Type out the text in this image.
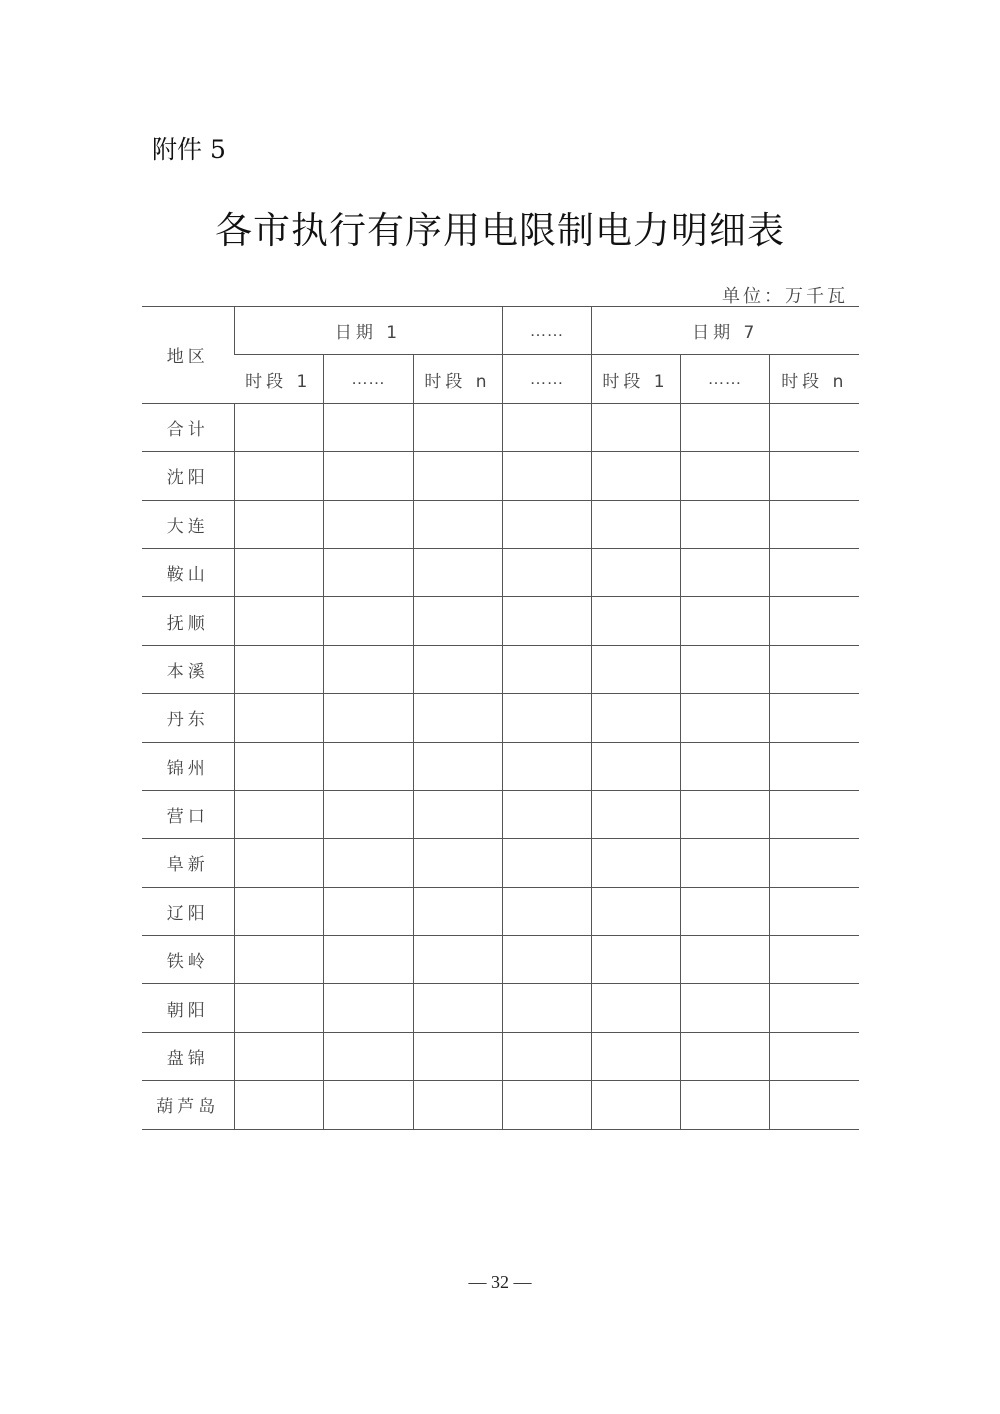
附件 5
各市执行有序用电限制电力明细表
单位：万千瓦
地区	日期 1			……	日期 7		
	时段 1	……	时段 n	……	时段 1	……	时段 n
合计							
沈阳							
大连							
鞍山							
抚顺							
本溪							
丹东							
锦州							
营口							
阜新							
辽阳							
铁岭							
朝阳							
盘锦							
葫芦岛							
— 32 —
